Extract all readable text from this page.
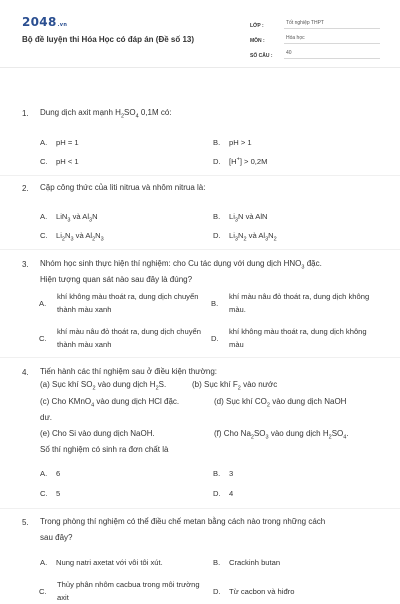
2048.vn
Bộ đề luyện thi Hóa Học có đáp án (Đề số 13)
LỚP :	Tốt nghiệp THPT
MÔN :	Hóa học
SỐ CÂU :	40
1. Dung dịch axit mạnh $H_2SO_4$ 0,1M có:
A. pH = 1	B. pH > 1
C. pH < 1	D. [H+] > 0,2M
2. Cặp công thức của liti nitrua và nhôm nitrua là:
A. LiN$_3$ và $Al_3N$	B. $Li_3N$ và AlN
C. $Li_2N_3$ và $Al_2N_3$	D. $Li_3N_2$ và $Al_3N_2$
3. Nhóm học sinh thực hiện thí nghiệm: cho Cu tác dụng với dung dịch $HNO_3$ đặc.
Hiện tượng quan sát nào sau đây là đúng?
A.
khí không màu thoát ra, dung dịch chuyển thành màu xanh
B.
khí màu nâu đỏ thoát ra, dung dịch không màu.
C.
khí màu nâu đỏ thoát ra, dung dịch chuyển thành màu xanh
D.
khí không màu thoát ra, dung dịch không màu
4. Tiến hành các thí nghiệm sau ở điều kiện thường:
(a) Sục khí $SO_2$ vào dung dịch $H_2S$.	(b) Sục khí $F_2$ vào nước
(c) Cho KMnO$_4$ vào dung dịch HCl đặc.	(d) Sục khí $CO_2$ vào dung dịch NaOH
dư.
(e) Cho Si vào dung dịch NaOH.	(f) Cho $Na_2SO_3$ vào dung dịch $H_2SO_4$.
Số thí nghiệm có sinh ra đơn chất là
A. 6	B. 3
C. 5	D. 4
5. Trong phòng thí nghiệm có thể điều chế metan bằng cách nào trong những cách
sau đây?
A. Nung natri axetat với vôi tôi xút.	B. Crackinh butan
C.
Thủy phân nhôm cacbua trong môi trường axit
D. Từ cacbon và hiđro
